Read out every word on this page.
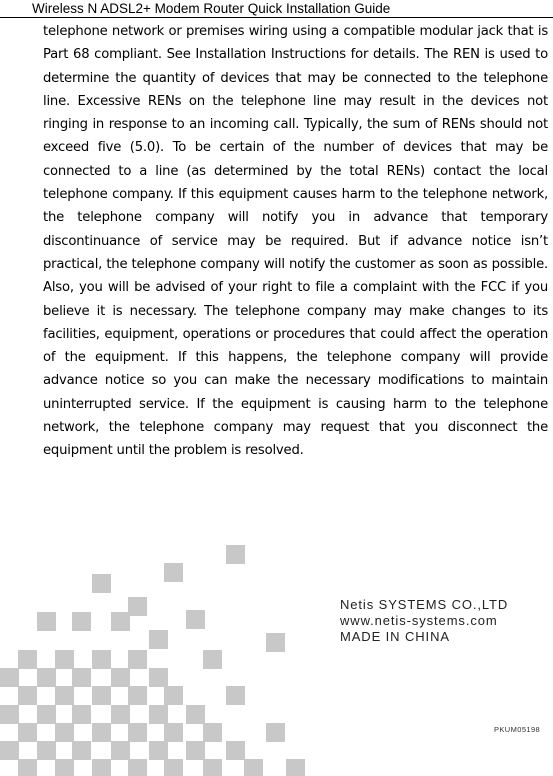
Wireless N ADSL2+ Modem Router Quick Installation Guide

telephone network or premises wiring using a compatible modular jack that is Part 68 compliant. See Installation Instructions for details. The REN is used to determine the quantity of devices that may be connected to the telephone line. Excessive RENs on the telephone line may result in the devices not ringing in response to an incoming call. Typically, the sum of RENs should not exceed five (5.0). To be certain of the number of devices that may be connected to a line (as determined by the total RENs) contact the local telephone company. If this equipment causes harm to the telephone network, the telephone company will notify you in advance that temporary discontinuance of service may be required. But if advance notice isn’t practical, the telephone company will notify the customer as soon as possible. Also, you will be advised of your right to file a complaint with the FCC if you believe it is necessary. The telephone company may make changes to its facilities, equipment, operations or procedures that could affect the operation of the equipment. If this happens, the telephone company will provide advance notice so you can make the necessary modifications to maintain uninterrupted service. If the equipment is causing harm to the telephone network, the telephone company may request that you disconnect the equipment until the problem is resolved.

Netis SYSTEMS CO.,LTD
www.netis-systems.com
MADE IN CHINA
PKUM05198
